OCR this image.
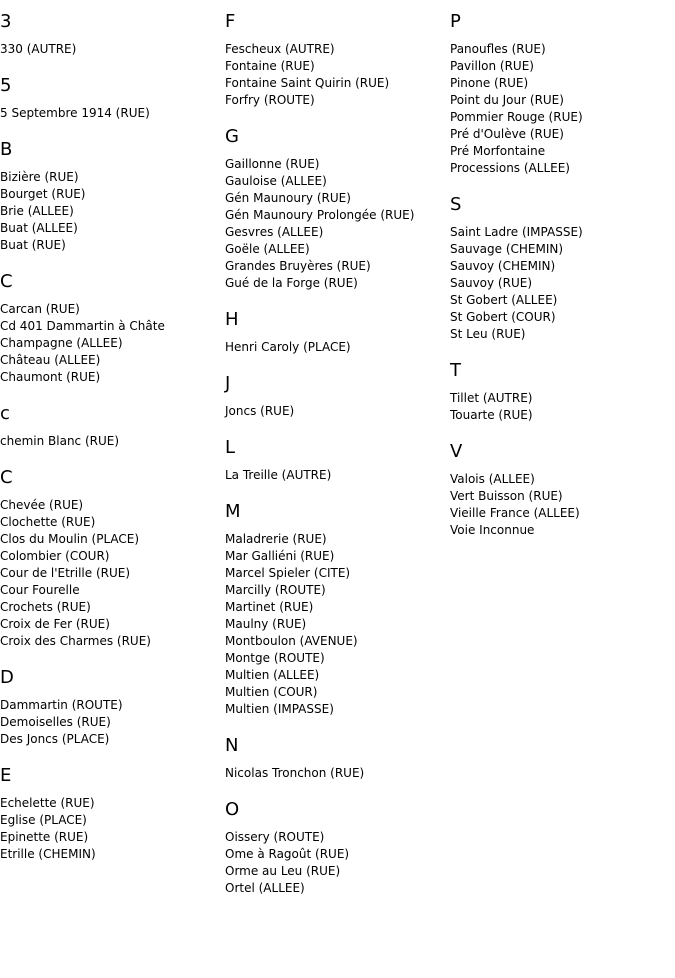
3
330 (AUTRE)
5
5 Septembre 1914 (RUE)
B
Bizière (RUE)
Bourget (RUE)
Brie (ALLEE)
Buat (ALLEE)
Buat (RUE)
C
Carcan (RUE)
Cd 401 Dammartin à Châte
Champagne (ALLEE)
Château (ALLEE)
Chaumont (RUE)
c
chemin Blanc (RUE)
C
Chevée (RUE)
Clochette (RUE)
Clos du Moulin (PLACE)
Colombier (COUR)
Cour de l'Etrille (RUE)
Cour Fourelle
Crochets (RUE)
Croix de Fer (RUE)
Croix des Charmes (RUE)
D
Dammartin (ROUTE)
Demoiselles (RUE)
Des Joncs (PLACE)
E
Echelette (RUE)
Eglise (PLACE)
Epinette (RUE)
Etrille (CHEMIN)
F
Fescheux (AUTRE)
Fontaine (RUE)
Fontaine Saint Quirin (RUE)
Forfry (ROUTE)
G
Gaillonne (RUE)
Gauloise (ALLEE)
Gén Maunoury (RUE)
Gén Maunoury Prolongée (RUE)
Gesvres (ALLEE)
Goële (ALLEE)
Grandes Bruyères (RUE)
Gué de la Forge (RUE)
H
Henri Caroly (PLACE)
J
Joncs (RUE)
L
La Treille (AUTRE)
M
Maladrerie (RUE)
Mar Galliéni (RUE)
Marcel Spieler (CITE)
Marcilly (ROUTE)
Martinet (RUE)
Maulny (RUE)
Montboulon (AVENUE)
Montge (ROUTE)
Multien (ALLEE)
Multien (COUR)
Multien (IMPASSE)
N
Nicolas Tronchon (RUE)
O
Oissery (ROUTE)
Ome à Ragoût (RUE)
Orme au Leu (RUE)
Ortel (ALLEE)
P
Panoufles (RUE)
Pavillon (RUE)
Pinone (RUE)
Point du Jour (RUE)
Pommier Rouge (RUE)
Pré d'Oulève (RUE)
Pré Morfontaine
Processions (ALLEE)
S
Saint Ladre (IMPASSE)
Sauvage (CHEMIN)
Sauvoy (CHEMIN)
Sauvoy (RUE)
St Gobert (ALLEE)
St Gobert (COUR)
St Leu (RUE)
T
Tillet (AUTRE)
Touarte (RUE)
V
Valois (ALLEE)
Vert Buisson (RUE)
Vieille France (ALLEE)
Voie Inconnue
